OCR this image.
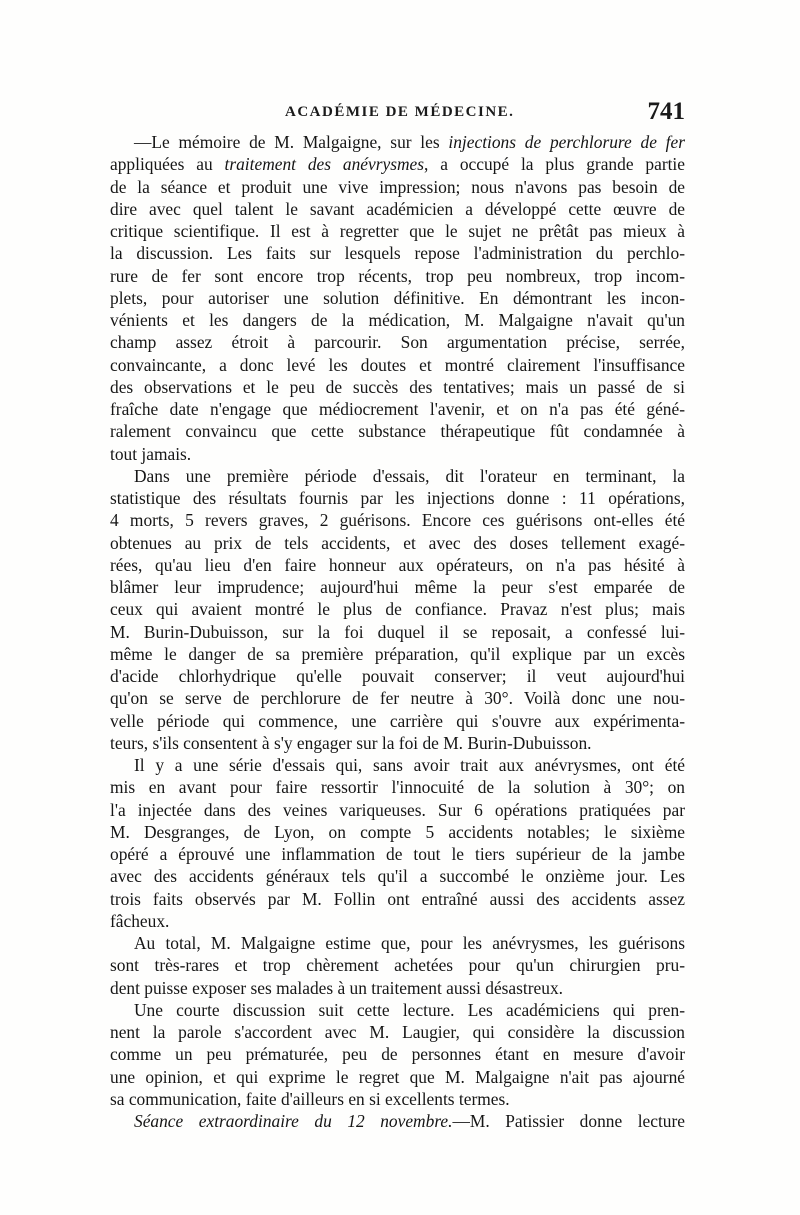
ACADÉMIE DE MÉDECINE.	741
—Le mémoire de M. Malgaigne, sur les injections de perchlorure de fer
appliquées au traitement des anévrysmes, a occupé la plus grande partie
de la séance et produit une vive impression; nous n'avons pas besoin de
dire avec quel talent le savant académicien a développé cette œuvre de
critique scientifique. Il est à regretter que le sujet ne prêtât pas mieux à
la discussion. Les faits sur lesquels repose l'administration du perchlo-
rure de fer sont encore trop récents, trop peu nombreux, trop incom-
plets, pour autoriser une solution définitive. En démontrant les incon-
vénients et les dangers de la médication, M. Malgaigne n'avait qu'un
champ assez étroit à parcourir. Son argumentation précise, serrée,
convaincante, a donc levé les doutes et montré clairement l'insuffisance
des observations et le peu de succès des tentatives; mais un passé de si
fraîche date n'engage que médiocrement l'avenir, et on n'a pas été géné-
ralement convaincu que cette substance thérapeutique fût condamnée à
tout jamais.
Dans une première période d'essais, dit l'orateur en terminant, la
statistique des résultats fournis par les injections donne : 11 opérations,
4 morts, 5 revers graves, 2 guérisons. Encore ces guérisons ont-elles été
obtenues au prix de tels accidents, et avec des doses tellement exagé-
rées, qu'au lieu d'en faire honneur aux opérateurs, on n'a pas hésité à
blâmer leur imprudence; aujourd'hui même la peur s'est emparée de
ceux qui avaient montré le plus de confiance. Pravaz n'est plus; mais
M. Burin-Dubuisson, sur la foi duquel il se reposait, a confessé lui-
même le danger de sa première préparation, qu'il explique par un excès
d'acide chlorhydrique qu'elle pouvait conserver; il veut aujourd'hui
qu'on se serve de perchlorure de fer neutre à 30°. Voilà donc une nou-
velle période qui commence, une carrière qui s'ouvre aux expérimenta-
teurs, s'ils consentent à s'y engager sur la foi de M. Burin-Dubuisson.
Il y a une série d'essais qui, sans avoir trait aux anévrysmes, ont été
mis en avant pour faire ressortir l'innocuité de la solution à 30°; on
l'a injectée dans des veines variqueuses. Sur 6 opérations pratiquées par
M. Desgranges, de Lyon, on compte 5 accidents notables; le sixième
opéré a éprouvé une inflammation de tout le tiers supérieur de la jambe
avec des accidents généraux tels qu'il a succombé le onzième jour. Les
trois faits observés par M. Follin ont entraîné aussi des accidents assez
fâcheux.
Au total, M. Malgaigne estime que, pour les anévrysmes, les guérisons
sont très-rares et trop chèrement achetées pour qu'un chirurgien pru-
dent puisse exposer ses malades à un traitement aussi désastreux.
Une courte discussion suit cette lecture. Les académiciens qui pren-
nent la parole s'accordent avec M. Laugier, qui considère la discussion
comme un peu prématurée, peu de personnes étant en mesure d'avoir
une opinion, et qui exprime le regret que M. Malgaigne n'ait pas ajourné
sa communication, faite d'ailleurs en si excellents termes.
Séance extraordinaire du 12 novembre.—M. Patissier donne lecture
